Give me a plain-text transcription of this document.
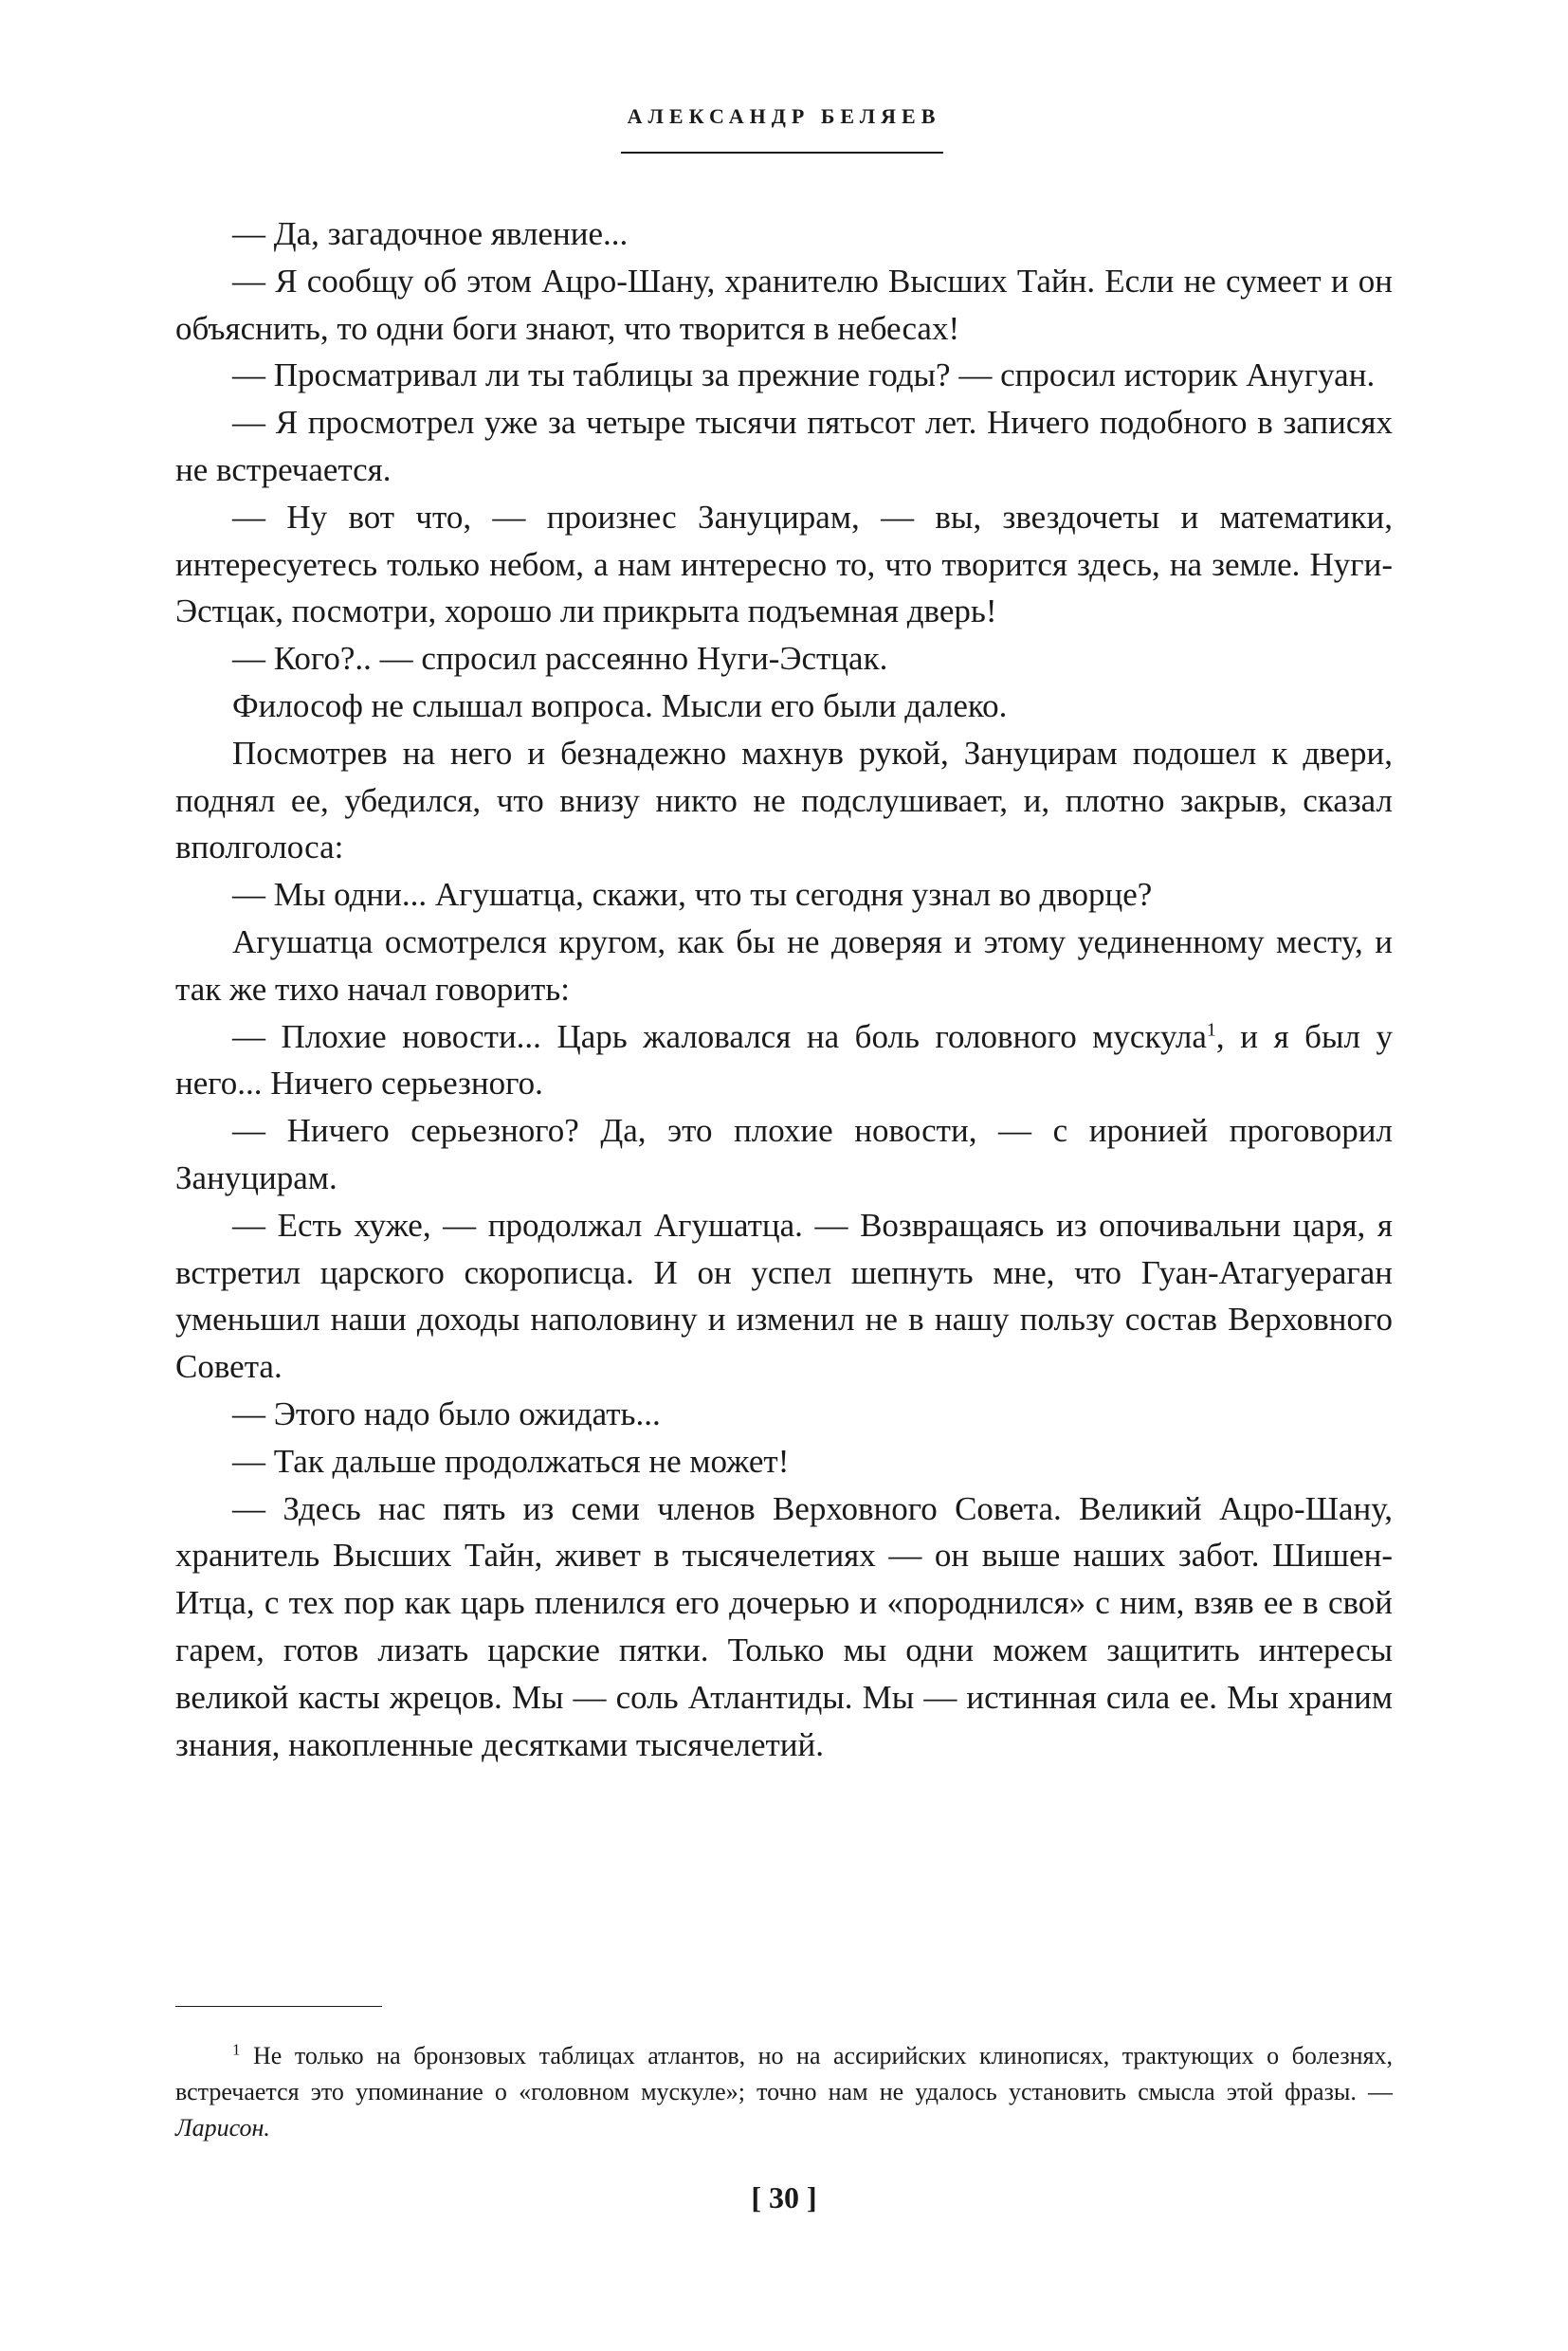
АЛЕКСАНДР БЕЛЯЕВ

— Да, загадочное явление...

— Я сообщу об этом Ацро-Шану, хранителю Высших Тайн. Если не сумеет и он объяснить, то одни боги знают, что творится в небесах!

— Просматривал ли ты таблицы за прежние годы? — спросил историк Анугуан.

— Я просмотрел уже за четыре тысячи пятьсот лет. Ничего подобного в записях не встречается.

— Ну вот что, — произнес Зануцирам, — вы, звездочеты и математики, интересуетесь только небом, а нам интересно то, что творится здесь, на земле. Нуги-Эстцак, посмотри, хорошо ли прикрыта подъемная дверь!

— Кого?.. — спросил рассеянно Нуги-Эстцак.

Философ не слышал вопроса. Мысли его были далеко.

Посмотрев на него и безнадежно махнув рукой, Зануцирам подошел к двери, поднял ее, убедился, что внизу никто не подслушивает, и, плотно закрыв, сказал вполголоса:

— Мы одни... Агушатца, скажи, что ты сегодня узнал во дворце?

Агушатца осмотрелся кругом, как бы не доверяя и этому уединенному месту, и так же тихо начал говорить:

— Плохие новости... Царь жаловался на боль головного мускула$^1$, и я был у него... Ничего серьезного.

— Ничего серьезного? Да, это плохие новости, — с иронией проговорил Зануцирам.

— Есть хуже, — продолжал Агушатца. — Возвращаясь из опочивальни царя, я встретил царского скорописца. И он успел шепнуть мне, что Гуан-Атагуераган уменьшил наши доходы наполовину и изменил не в нашу пользу состав Верховного Совета.

— Этого надо было ожидать...

— Так дальше продолжаться не может!

— Здесь нас пять из семи членов Верховного Совета. Великий Ацро-Шану, хранитель Высших Тайн, живет в тысячелетиях — он выше наших забот. Шишен-Итца, с тех пор как царь пленился его дочерью и «породнился» с ним, взяв ее в свой гарем, готов лизать царские пятки. Только мы одни можем защитить интересы великой касты жрецов. Мы — соль Атлантиды. Мы — истинная сила ее. Мы храним знания, накопленные десятками тысячелетий.

$^1$ Не только на бронзовых таблицах атлантов, но на ассирийских клинописях, трактующих о болезнях, встречается это упоминание о «головном мускуле»; точно нам не удалось установить смысла этой фразы. — Ларисон.

[ 30 ]
